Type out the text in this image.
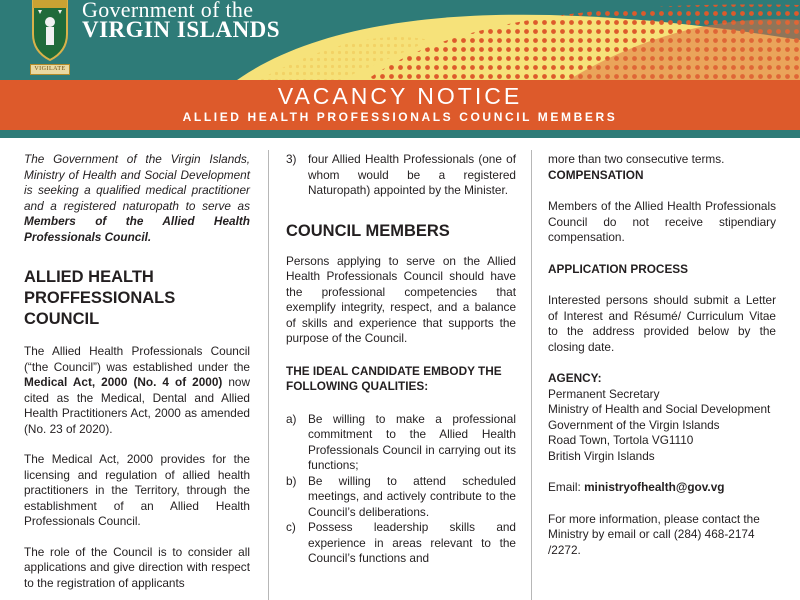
Government of the
VIRGIN ISLANDS
VIGILATE
VACANCY NOTICE
ALLIED HEALTH PROFESSIONALS COUNCIL MEMBERS

The Government of the Virgin Islands, Ministry of Health and Social Development is seeking a qualified medical practitioner and a registered naturopath to serve as Members of the Allied Health Professionals Council.

ALLIED HEALTH PROFFESSIONALS COUNCIL

The Allied Health Professionals Council (“the Council”) was established under the Medical Act, 2000 (No. 4 of 2000) now cited as the Medical, Dental and Allied Health Practitioners Act, 2000 as amended (No. 23 of 2020).

The Medical Act, 2000 provides for the licensing and regulation of allied health practitioners in the Territory, through the establishment of an Allied Health Professionals Council.

The role of the Council is to consider all applications and give direction with respect to the registration of applicants

3) four Allied Health Professionals (one of whom would be a registered Naturopath) appointed by the Minister.

COUNCIL MEMBERS

Persons applying to serve on the Allied Health Professionals Council should have the professional competencies that exemplify integrity, respect, and a balance of skills and experience that supports the purpose of the Council.

THE IDEAL CANDIDATE EMBODY THE FOLLOWING QUALITIES:

a) Be willing to make a professional commitment to the Allied Health Professionals Council in carrying out its functions;
b) Be willing to attend scheduled meetings, and actively contribute to the Council’s deliberations.
c) Possess leadership skills and experience in areas relevant to the Council’s functions and

more than two consecutive terms.

COMPENSATION

Members of the Allied Health Professionals Council do not receive stipendiary compensation.

APPLICATION PROCESS

Interested persons should submit a Letter of Interest and Résumé/ Curriculum Vitae to the address provided below by the closing date.

AGENCY:

Permanent Secretary

Ministry of Health and Social Development

Government of the Virgin Islands

Road Town, Tortola VG1110

British Virgin Islands

Email: ministryofhealth@gov.vg

For more information, please contact the Ministry by email or call (284) 468-2174 /2272.
